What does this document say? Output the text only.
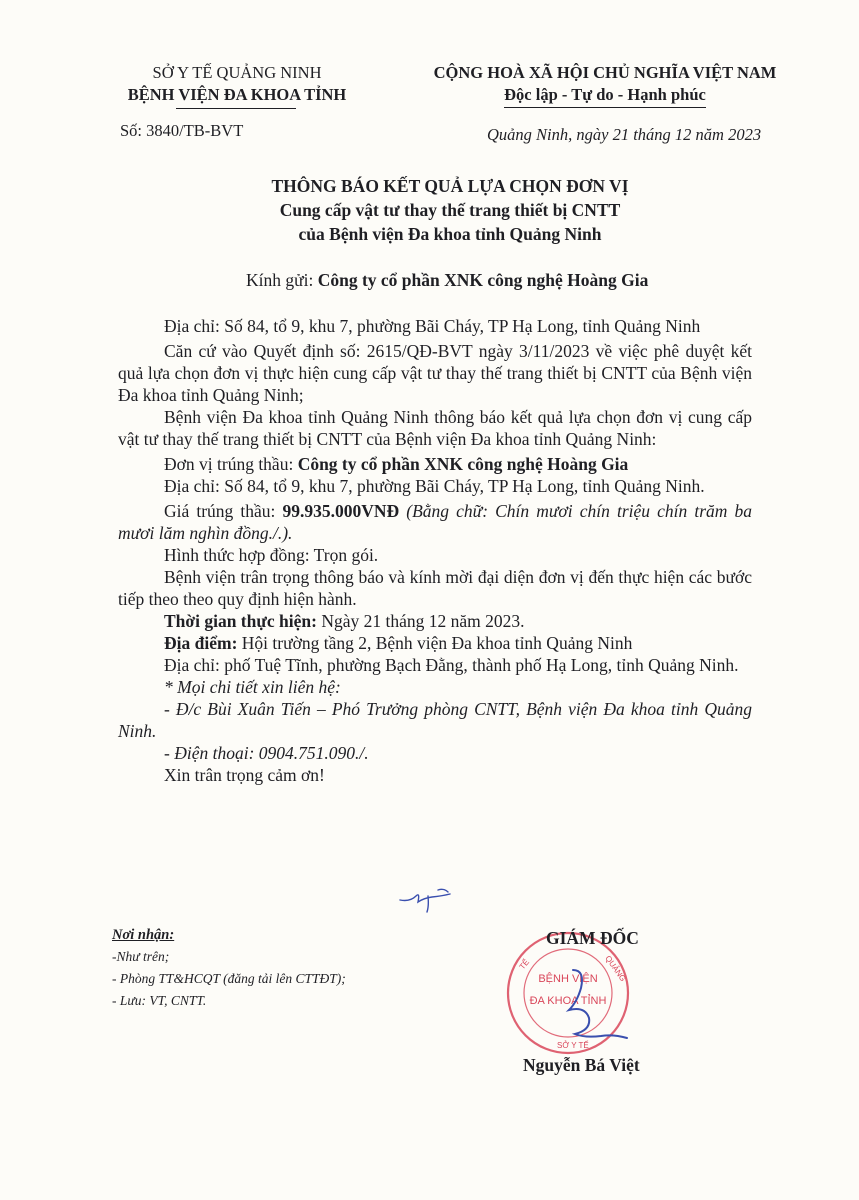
SỞ Y TẾ QUẢNG NINH
BỆNH VIỆN ĐA KHOA TỈNH
CỘNG HOÀ XÃ HỘI CHỦ NGHĨA VIỆT NAM
Độc lập - Tự do - Hạnh phúc
Số: 3840/TB-BVT	Quảng Ninh, ngày 21 tháng 12 năm 2023
THÔNG BÁO KẾT QUẢ LỰA CHỌN ĐƠN VỊ
Cung cấp vật tư thay thế trang thiết bị CNTT
của Bệnh viện Đa khoa tỉnh Quảng Ninh
Kính gửi: Công ty cổ phần XNK công nghệ Hoàng Gia

Địa chỉ: Số 84, tổ 9, khu 7, phường Bãi Cháy, TP Hạ Long, tỉnh Quảng Ninh

Căn cứ vào Quyết định số: 2615/QĐ-BVT ngày 3/11/2023 về việc phê duyệt kết quả lựa chọn đơn vị thực hiện cung cấp vật tư thay thế trang thiết bị CNTT của Bệnh viện Đa khoa tỉnh Quảng Ninh;

Bệnh viện Đa khoa tỉnh Quảng Ninh thông báo kết quả lựa chọn đơn vị cung cấp vật tư thay thế trang thiết bị CNTT của Bệnh viện Đa khoa tỉnh Quảng Ninh:

Đơn vị trúng thầu: Công ty cổ phần XNK công nghệ Hoàng Gia

Địa chỉ: Số 84, tổ 9, khu 7, phường Bãi Cháy, TP Hạ Long, tỉnh Quảng Ninh.

Giá trúng thầu: 99.935.000VNĐ (Bằng chữ: Chín mươi chín triệu chín trăm ba mươi lăm nghìn đồng./.).

Hình thức hợp đồng: Trọn gói.

Bệnh viện trân trọng thông báo và kính mời đại diện đơn vị đến thực hiện các bước tiếp theo theo quy định hiện hành.

Thời gian thực hiện: Ngày 21 tháng 12 năm 2023.

Địa điểm: Hội trường tầng 2, Bệnh viện Đa khoa tỉnh Quảng Ninh

Địa chỉ: phố Tuệ Tĩnh, phường Bạch Đằng, thành phố Hạ Long, tỉnh Quảng Ninh.

* Mọi chi tiết xin liên hệ:

- Đ/c Bùi Xuân Tiến – Phó Trưởng phòng CNTT, Bệnh viện Đa khoa tỉnh Quảng Ninh.

- Điện thoại: 0904.751.090./.

Xin trân trọng cảm ơn!

Nơi nhận:
-Như trên;
- Phòng TT&HCQT (đăng tải lên CTTĐT);
- Lưu: VT, CNTT.
BỆNH VIỆN
ĐA KHOA TỈNH
TẾ	QUẢNG
SỞ Y TẾ
GIÁM ĐỐC
Nguyễn Bá Việt
